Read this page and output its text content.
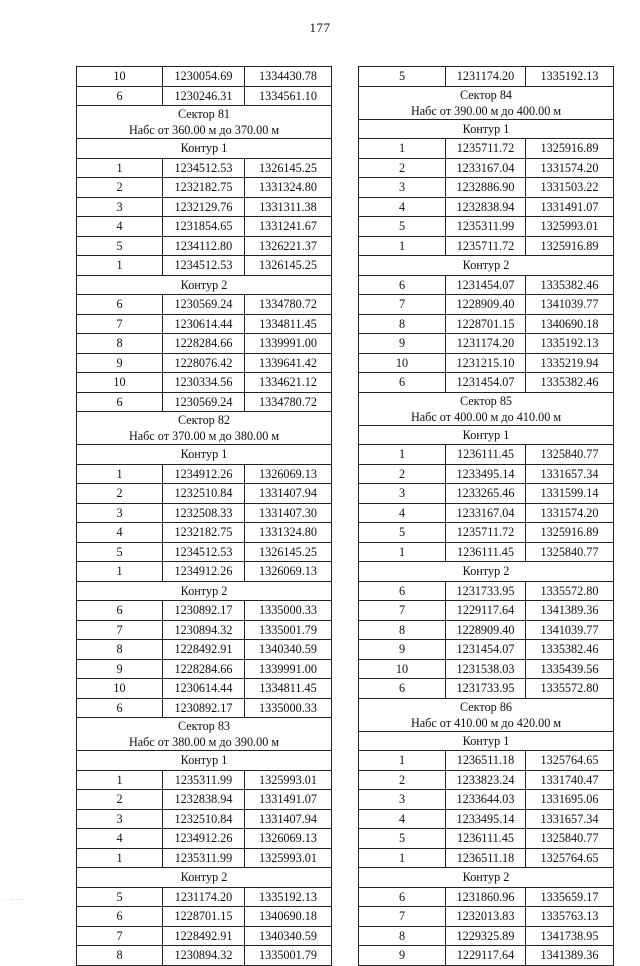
177
10	1230054.69	1334430.78
6	1230246.31	1334561.10

Сектор 81
Набс от 360.00 м до 370.00 м		

Контур 1		
1	1234512.53	1326145.25
2	1232182.75	1331324.80
3	1232129.76	1331311.38
4	1231854.65	1331241.67
5	1234112.80	1326221.37
1	1234512.53	1326145.25
Контур 2		
6	1230569.24	1334780.72
7	1230614.44	1334811.45
8	1228284.66	1339991.00
9	1228076.42	1339641.42
10	1230334.56	1334621.12
6	1230569.24	1334780.72

Сектор 82
Набс от 370.00 м до 380.00 м		

Контур 1		
1	1234912.26	1326069.13
2	1232510.84	1331407.94
3	1232508.33	1331407.30
4	1232182.75	1331324.80
5	1234512.53	1326145.25
1	1234912.26	1326069.13
Контур 2		
6	1230892.17	1335000.33
7	1230894.32	1335001.79
8	1228492.91	1340340.59
9	1228284.66	1339991.00
10	1230614.44	1334811.45
6	1230892.17	1335000.33

Сектор 83
Набс от 380.00 м до 390.00 м		

Контур 1		
1	1235311.99	1325993.01
2	1232838.94	1331491.07
3	1232510.84	1331407.94
4	1234912.26	1326069.13
1	1235311.99	1325993.01
Контур 2		
5	1231174.20	1335192.13
6	1228701.15	1340690.18
7	1228492.91	1340340.59
8	1230894.32	1335001.79
5	1231174.20	1335192.13

Сектор 84
Набс от 390.00 м до 400.00 м		

Контур 1		
1	1235711.72	1325916.89
2	1233167.04	1331574.20
3	1232886.90	1331503.22
4	1232838.94	1331491.07
5	1235311.99	1325993.01
1	1235711.72	1325916.89
Контур 2		
6	1231454.07	1335382.46
7	1228909.40	1341039.77
8	1228701.15	1340690.18
9	1231174.20	1335192.13
10	1231215.10	1335219.94
6	1231454.07	1335382.46

Сектор 85
Набс от 400.00 м до 410.00 м		

Контур 1		
1	1236111.45	1325840.77
2	1233495.14	1331657.34
3	1233265.46	1331599.14
4	1233167.04	1331574.20
5	1235711.72	1325916.89
1	1236111.45	1325840.77
Контур 2		
6	1231733.95	1335572.80
7	1229117.64	1341389.36
8	1228909.40	1341039.77
9	1231454.07	1335382.46
10	1231538.03	1335439.56
6	1231733.95	1335572.80

Сектор 86
Набс от 410.00 м до 420.00 м		

Контур 1		
1	1236511.18	1325764.65
2	1233823.24	1331740.47
3	1233644.03	1331695.06
4	1233495.14	1331657.34
5	1236111.45	1325840.77
1	1236511.18	1325764.65
Контур 2		
6	1231860.96	1335659.17
7	1232013.83	1335763.13
8	1229325.89	1341738.95
9	1229117.64	1341389.36
..........
